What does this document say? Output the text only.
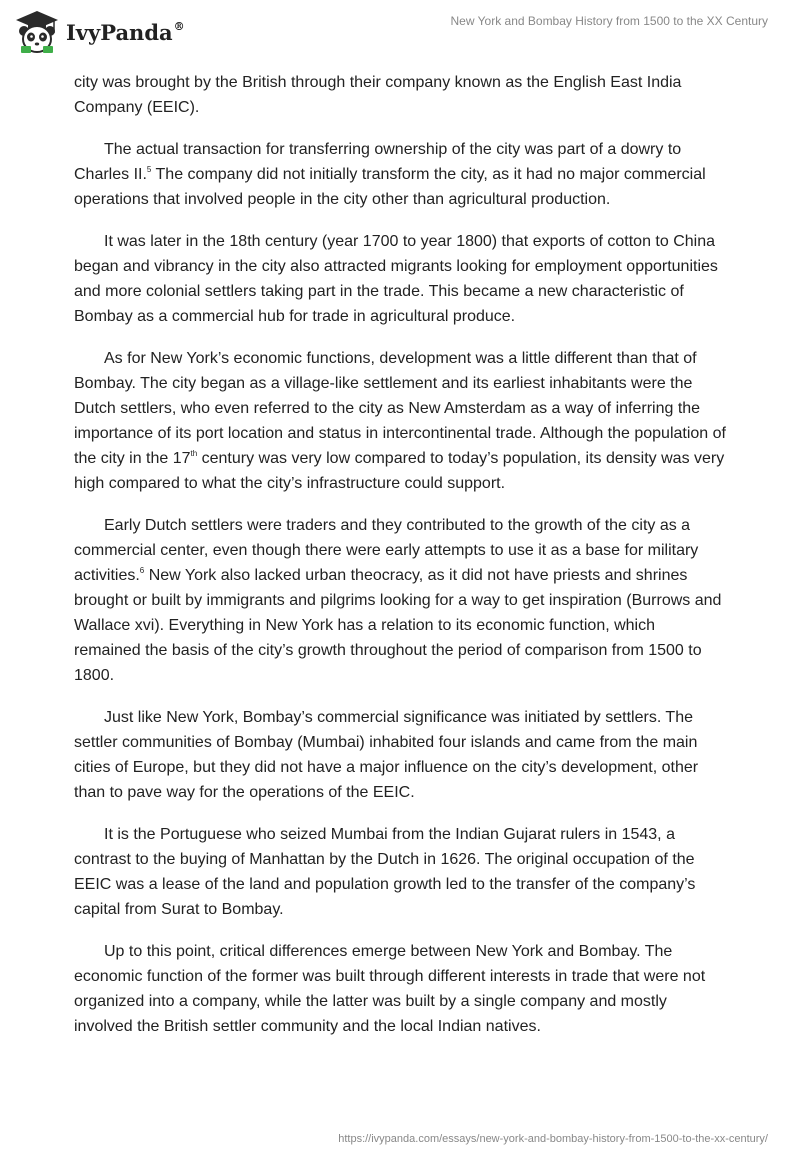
IvyPanda®	New York and Bombay History from 1500 to the XX Century

city was brought by the British through their company known as the English East India Company (EEIC).

The actual transaction for transferring ownership of the city was part of a dowry to Charles II.$^5$ The company did not initially transform the city, as it had no major commercial operations that involved people in the city other than agricultural production.

It was later in the 18th century (year 1700 to year 1800) that exports of cotton to China began and vibrancy in the city also attracted migrants looking for employment opportunities and more colonial settlers taking part in the trade. This became a new characteristic of Bombay as a commercial hub for trade in agricultural produce.

As for New York’s economic functions, development was a little different than that of Bombay. The city began as a village-like settlement and its earliest inhabitants were the Dutch settlers, who even referred to the city as New Amsterdam as a way of inferring the importance of its port location and status in intercontinental trade. Although the population of the city in the 17th century was very low compared to today’s population, its density was very high compared to what the city’s infrastructure could support.

Early Dutch settlers were traders and they contributed to the growth of the city as a commercial center, even though there were early attempts to use it as a base for military activities.$^6$ New York also lacked urban theocracy, as it did not have priests and shrines brought or built by immigrants and pilgrims looking for a way to get inspiration (Burrows and Wallace xvi). Everything in New York has a relation to its economic function, which remained the basis of the city’s growth throughout the period of comparison from 1500 to 1800.

Just like New York, Bombay’s commercial significance was initiated by settlers. The settler communities of Bombay (Mumbai) inhabited four islands and came from the main cities of Europe, but they did not have a major influence on the city’s development, other than to pave way for the operations of the EEIC.

It is the Portuguese who seized Mumbai from the Indian Gujarat rulers in 1543, a contrast to the buying of Manhattan by the Dutch in 1626. The original occupation of the EEIC was a lease of the land and population growth led to the transfer of the company’s capital from Surat to Bombay.

Up to this point, critical differences emerge between New York and Bombay. The economic function of the former was built through different interests in trade that were not organized into a company, while the latter was built by a single company and mostly involved the British settler community and the local Indian natives.

https://ivypanda.com/essays/new-york-and-bombay-history-from-1500-to-the-xx-century/
